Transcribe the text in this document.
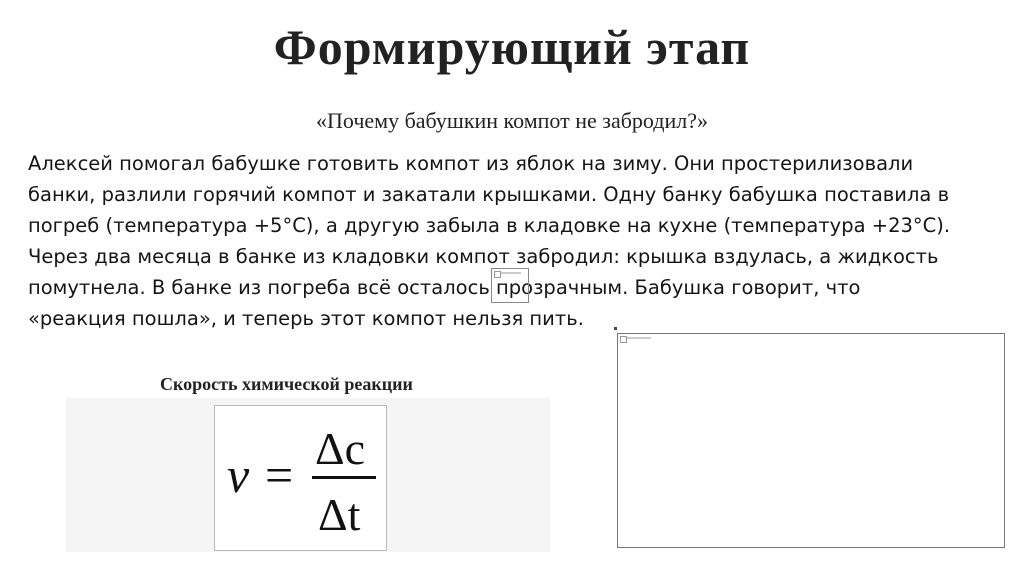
Формирующий этап
«Почему бабушкин компот не забродил?»

Алексей помогал бабушке готовить компот из яблок на зиму. Они простерилизовали

банки, разлили горячий компот и закатали крышками. Одну банку бабушка поставила в

погреб (температура +5°С), а другую забыла в кладовке на кухне (температура +23°С).

Через два месяца в банке из кладовки компот забродил: крышка вздулась, а жидкость

помутнела. В банке из погреба всё осталось прозрачным. Бабушка говорит, что

«реакция пошла», и теперь этот компот нельзя пить.

Скорость химической реакции
v = Δc
Δt
